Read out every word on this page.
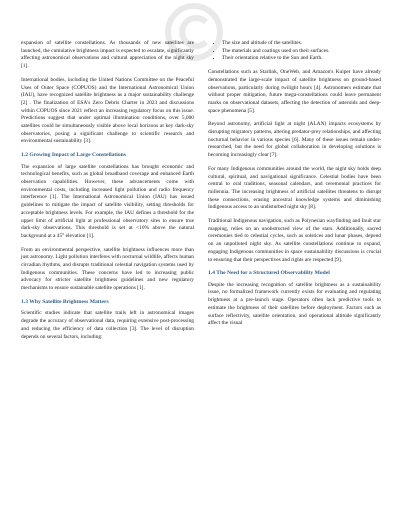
expansion of satellite constellations. As thousands of new satellites are launched, the cumulative brightness impact is expected to escalate, significantly affecting astronomical observations and cultural appreciation of the night sky [1].

International bodies, including the United Nations Committee on the Peaceful Uses of Outer Space (COPUOS) and the International Astronomical Union (IAU), have recognized satellite brightness as a major sustainability challenge [2] . The finalization of ESA's Zero Debris Charter in 2023 and discussions within COPUOS since 2021 reflect an increasing regulatory focus on this issue. Predictions suggest that under optimal illumination conditions, over 5,000 satellites could be simultaneously visible above local horizons at key dark-sky observatories, posing a significant challenge to scientific research and environmental sustainability [3].

1.2 Growing Impact of Large Constellations

The expansion of large satellite constellations has brought economic and technological benefits, such as global broadband coverage and enhanced Earth observation capabilities. However, these advancements come with environmental costs, including increased light pollution and radio frequency interference [1]. The International Astronomical Union (IAU) has issued guidelines to mitigate the impact of satellite visibility, setting thresholds for acceptable brightness levels. For example, the IAU defines a threshold for the upper limit of artificial light at professional observatory sites to ensure true dark-sky observations. This threshold is set at <10% above the natural background at a 45° elevation [1].

From an environmental perspective, satellite brightness influences more than just astronomy. Light pollution interferes with nocturnal wildlife, affects human circadian rhythms, and disrupts traditional celestial navigation systems used by Indigenous communities. These concerns have led to increasing public advocacy for stricter satellite brightness guidelines and new regulatory mechanisms to ensure sustainable satellite operations [1].

1.3 Why Satellite Brightness Matters

Scientific studies indicate that satellite trails left in astronomical images degrade the accuracy of observational data, requiring extensive post-processing and reducing the efficiency of data collection [3]. The level of disruption depends on several factors, including:

• The size and altitude of the satellites.
• The materials and coatings used on their surfaces.
• Their orientation relative to the Sun and Earth.

Constellations such as Starlink, OneWeb, and Amazon's Kuiper have already demonstrated the large-scale impact of satellite brightness on ground-based observations, particularly during twilight hours [4]. Astronomers estimate that without proper mitigation, future mega-constellations could leave permanent marks on observational datasets, affecting the detection of asteroids and deep-space phenomena [5].

Beyond astronomy, artificial light at night (ALAN) impacts ecosystems by disrupting migratory patterns, altering predator-prey relationships, and affecting nocturnal behavior in various species [6]. Many of these issues remain under-researched, but the need for global collaboration in developing solutions is becoming increasingly clear [7].

For many Indigenous communities around the world, the night sky holds deep cultural, spiritual, and navigational significance. Celestial bodies have been central to oral traditions, seasonal calendars, and ceremonial practices for millennia. The increasing brightness of artificial satellites threatens to disrupt these connections, erasing ancestral knowledge systems and diminishing Indigenous access to an undisturbed night sky [8].

Traditional Indigenous navigation, such as Polynesian wayfinding and Inuit star mapping, relies on an unobstructed view of the stars. Additionally, sacred ceremonies tied to celestial cycles, such as solstices and lunar phases, depend on an unpolluted night sky. As satellite constellations continue to expand, engaging Indigenous communities in space sustainability discussions is crucial to ensuring that their perspectives and rights are respected [9].

1.4 The Need for a Structured Observability Model

Despite the increasing recognition of satellite brightness as a sustainability issue, no formalized framework currently exists for evaluating and regulating brightness at a pre-launch stage. Operators often lack predictive tools to estimate the brightness of their satellites before deployment. Factors such as surface reflectivity, satellite orientation, and operational altitude significantly affect the visual
